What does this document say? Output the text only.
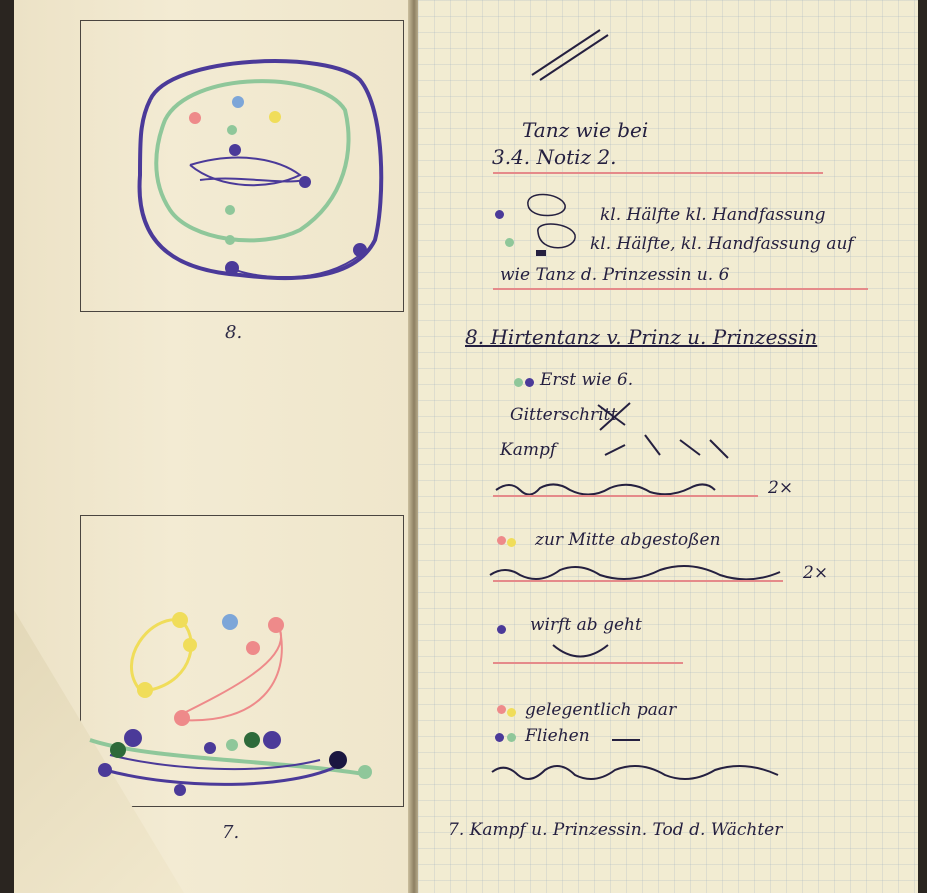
8.
7.
Tanz wie bei
3.4. Notiz 2.
kl. Hälfte kl. Handfassung
kl. Hälfte, kl. Handfassung auf
wie Tanz d. Prinzessin u. 6
8. Hirtentanz v. Prinz u. Prinzessin
Erst wie 6.
Gitterschritt
Kampf
2×
zur Mitte abgestoßen
2×
wirft ab geht
gelegentlich paar
Fliehen
7. Kampf u. Prinzessin. Tod d. Wächter
